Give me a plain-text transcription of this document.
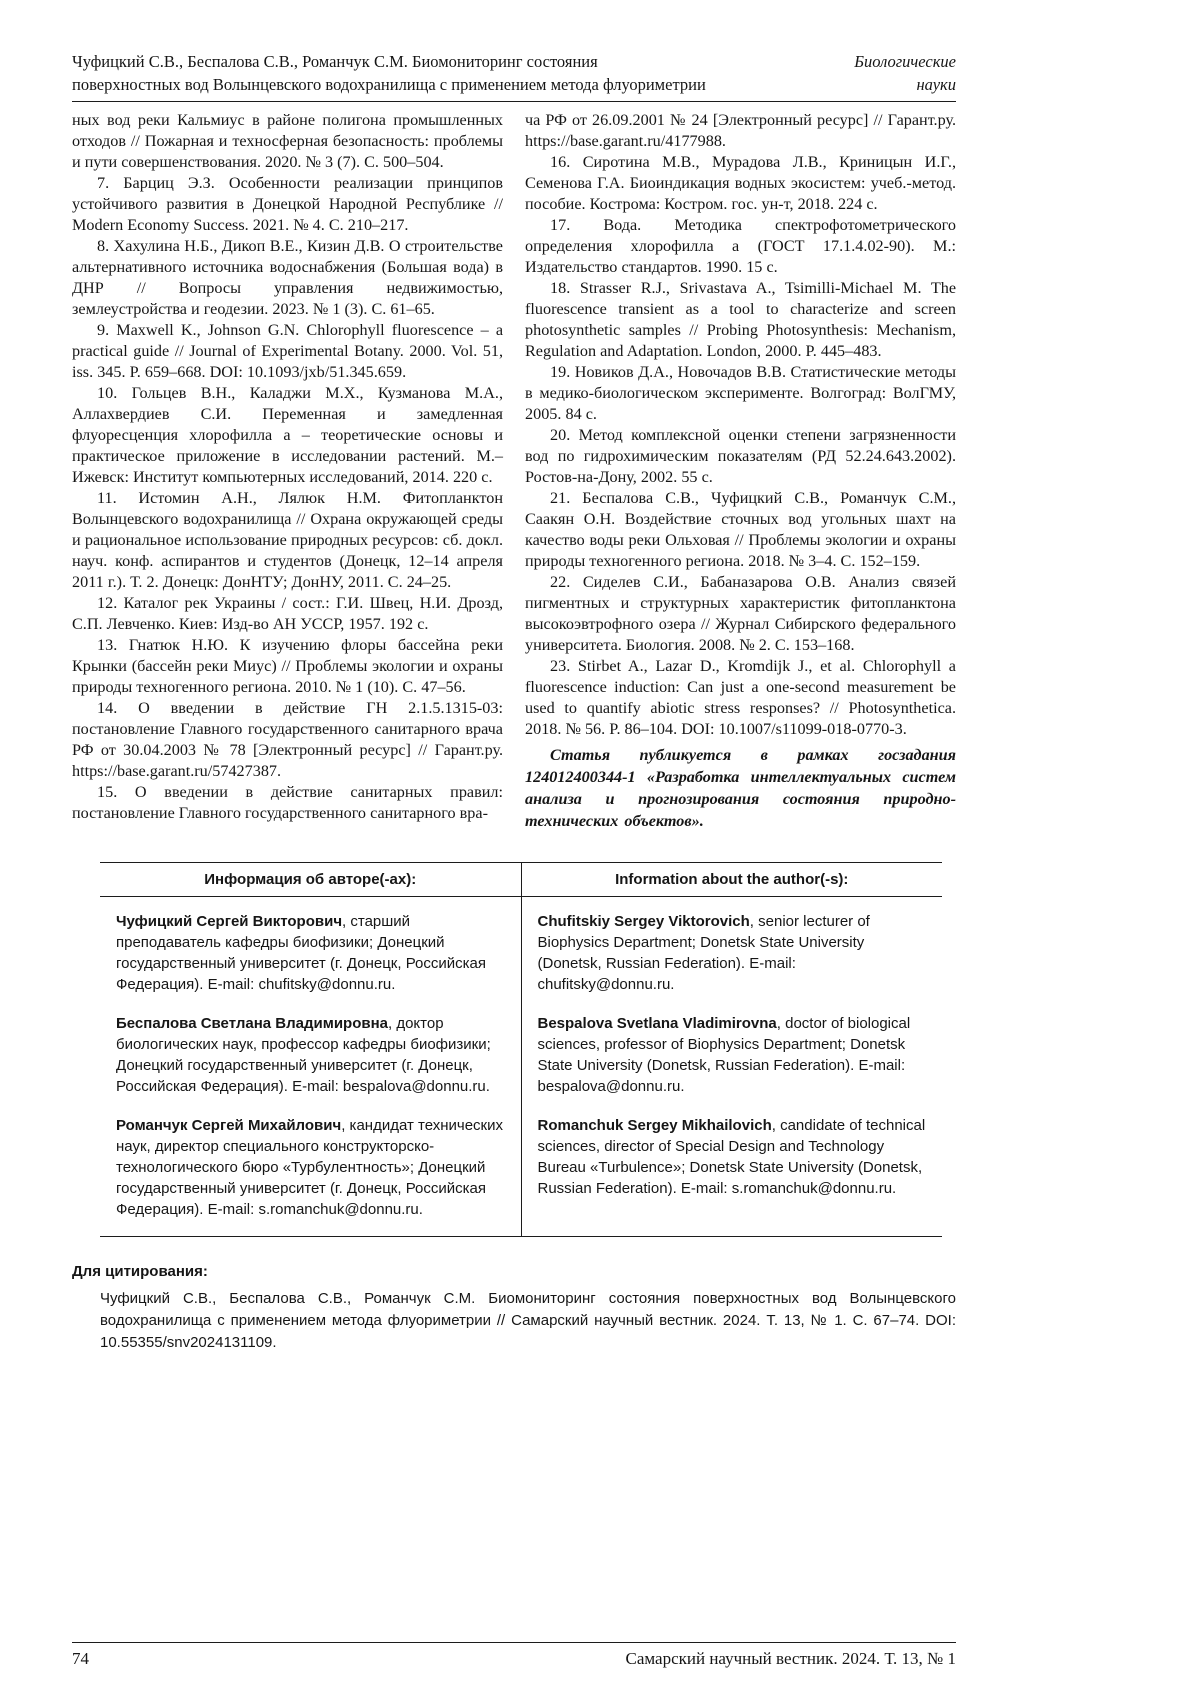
Чуфицкий С.В., Беспалова С.В., Романчук С.М. Биомониторинг состояния
поверхностных вод Волынцевского водохранилища с применением метода флуориметрии
Биологические
науки

ных вод реки Кальмиус в районе полигона промышленных отходов // Пожарная и техносферная безопасность: проблемы и пути совершенствования. 2020. № 3 (7). С. 500–504.

7. Барциц Э.З. Особенности реализации принципов устойчивого развития в Донецкой Народной Республике // Modern Economy Success. 2021. № 4. С. 210–217.

8. Хахулина Н.Б., Дикоп В.Е., Кизин Д.В. О строительстве альтернативного источника водоснабжения (Большая вода) в ДНР // Вопросы управления недвижимостью, землеустройства и геодезии. 2023. № 1 (3). С. 61–65.

9. Maxwell K., Johnson G.N. Chlorophyll fluorescence – a practical guide // Journal of Experimental Botany. 2000. Vol. 51, iss. 345. P. 659–668. DOI: 10.1093/jxb/51.345.659.

10. Гольцев В.Н., Каладжи М.Х., Кузманова М.А., Аллахвердиев С.И. Переменная и замедленная флуоресценция хлорофилла a – теоретические основы и практическое приложение в исследовании растений. М.–Ижевск: Институт компьютерных исследований, 2014. 220 с.

11. Истомин А.Н., Лялюк Н.М. Фитопланктон Волынцевского водохранилища // Охрана окружающей среды и рациональное использование природных ресурсов: сб. докл. науч. конф. аспирантов и студентов (Донецк, 12–14 апреля 2011 г.). Т. 2. Донецк: ДонНТУ; ДонНУ, 2011. С. 24–25.

12. Каталог рек Украины / сост.: Г.И. Швец, Н.И. Дрозд, С.П. Левченко. Киев: Изд-во АН УССР, 1957. 192 с.

13. Гнатюк Н.Ю. К изучению флоры бассейна реки Крынки (бассейн реки Миус) // Проблемы экологии и охраны природы техногенного региона. 2010. № 1 (10). С. 47–56.

14. О введении в действие ГН 2.1.5.1315-03: постановление Главного государственного санитарного врача РФ от 30.04.2003 № 78 [Электронный ресурс] // Гарант.ру. https://base.garant.ru/57427387.

15. О введении в действие санитарных правил: постановление Главного государственного санитарного вра-

ча РФ от 26.09.2001 № 24 [Электронный ресурс] // Гарант.ру. https://base.garant.ru/4177988.

16. Сиротина М.В., Мурадова Л.В., Криницын И.Г., Семенова Г.А. Биоиндикация водных экосистем: учеб.-метод. пособие. Кострома: Костром. гос. ун-т, 2018. 224 с.

17. Вода. Методика спектрофотометрического определения хлорофилла a (ГОСТ 17.1.4.02-90). М.: Издательство стандартов. 1990. 15 с.

18. Strasser R.J., Srivastava A., Tsimilli-Michael M. The fluorescence transient as a tool to characterize and screen photosynthetic samples // Probing Photosynthesis: Mechanism, Regulation and Adaptation. London, 2000. P. 445–483.

19. Новиков Д.А., Новочадов В.В. Статистические методы в медико-биологическом эксперименте. Волгоград: ВолГМУ, 2005. 84 с.

20. Метод комплексной оценки степени загрязненности вод по гидрохимическим показателям (РД 52.24.643.2002). Ростов-на-Дону, 2002. 55 с.

21. Беспалова С.В., Чуфицкий С.В., Романчук С.М., Саакян О.Н. Воздействие сточных вод угольных шахт на качество воды реки Ольховая // Проблемы экологии и охраны природы техногенного региона. 2018. № 3–4. С. 152–159.

22. Сиделев С.И., Бабаназарова О.В. Анализ связей пигментных и структурных характеристик фитопланктона высокоэвтрофного озера // Журнал Сибирского федерального университета. Биология. 2008. № 2. С. 153–168.

23. Stirbet A., Lazar D., Kromdijk J., et al. Chlorophyll a fluorescence induction: Can just a one-second measurement be used to quantify abiotic stress responses? // Photosynthetica. 2018. № 56. P. 86–104. DOI: 10.1007/s11099-018-0770-3.

Статья публикуется в рамках госзадания 124012400344-1 «Разработка интеллектуальных систем анализа и прогнозирования состояния природно-технических объектов».

Информация об авторе(-ах):	Information about the author(-s):
Чуфицкий Сергей Викторович, старший преподаватель кафедры биофизики; Донецкий государственный университет (г. Донецк, Российская Федерация). E-mail: chufitsky@donnu.ru.	Chufitskiy Sergey Viktorovich, senior lecturer of Biophysics Department; Donetsk State University (Donetsk, Russian Federation). E-mail: chufitsky@donnu.ru.
Беспалова Светлана Владимировна, доктор биологических наук, профессор кафедры биофизики; Донецкий государственный университет (г. Донецк, Российская Федерация). E-mail: bespalova@donnu.ru.	Bespalova Svetlana Vladimirovna, doctor of biological sciences, professor of Biophysics Department; Donetsk State University (Donetsk, Russian Federation). E-mail: bespalova@donnu.ru.
Романчук Сергей Михайлович, кандидат технических наук, директор специального конструкторско-технологического бюро «Турбулентность»; Донецкий государственный университет (г. Донецк, Российская Федерация). E-mail: s.romanchuk@donnu.ru.	Romanchuk Sergey Mikhailovich, candidate of technical sciences, director of Special Design and Technology Bureau «Turbulence»; Donetsk State University (Donetsk, Russian Federation). E-mail: s.romanchuk@donnu.ru.
Для цитирования:

Чуфицкий С.В., Беспалова С.В., Романчук С.М. Биомониторинг состояния поверхностных вод Волынцевского водохранилища с применением метода флуориметрии // Самарский научный вестник. 2024. Т. 13, № 1. С. 67–74. DOI: 10.55355/snv2024131109.

74	Самарский научный вестник. 2024. Т. 13, № 1
